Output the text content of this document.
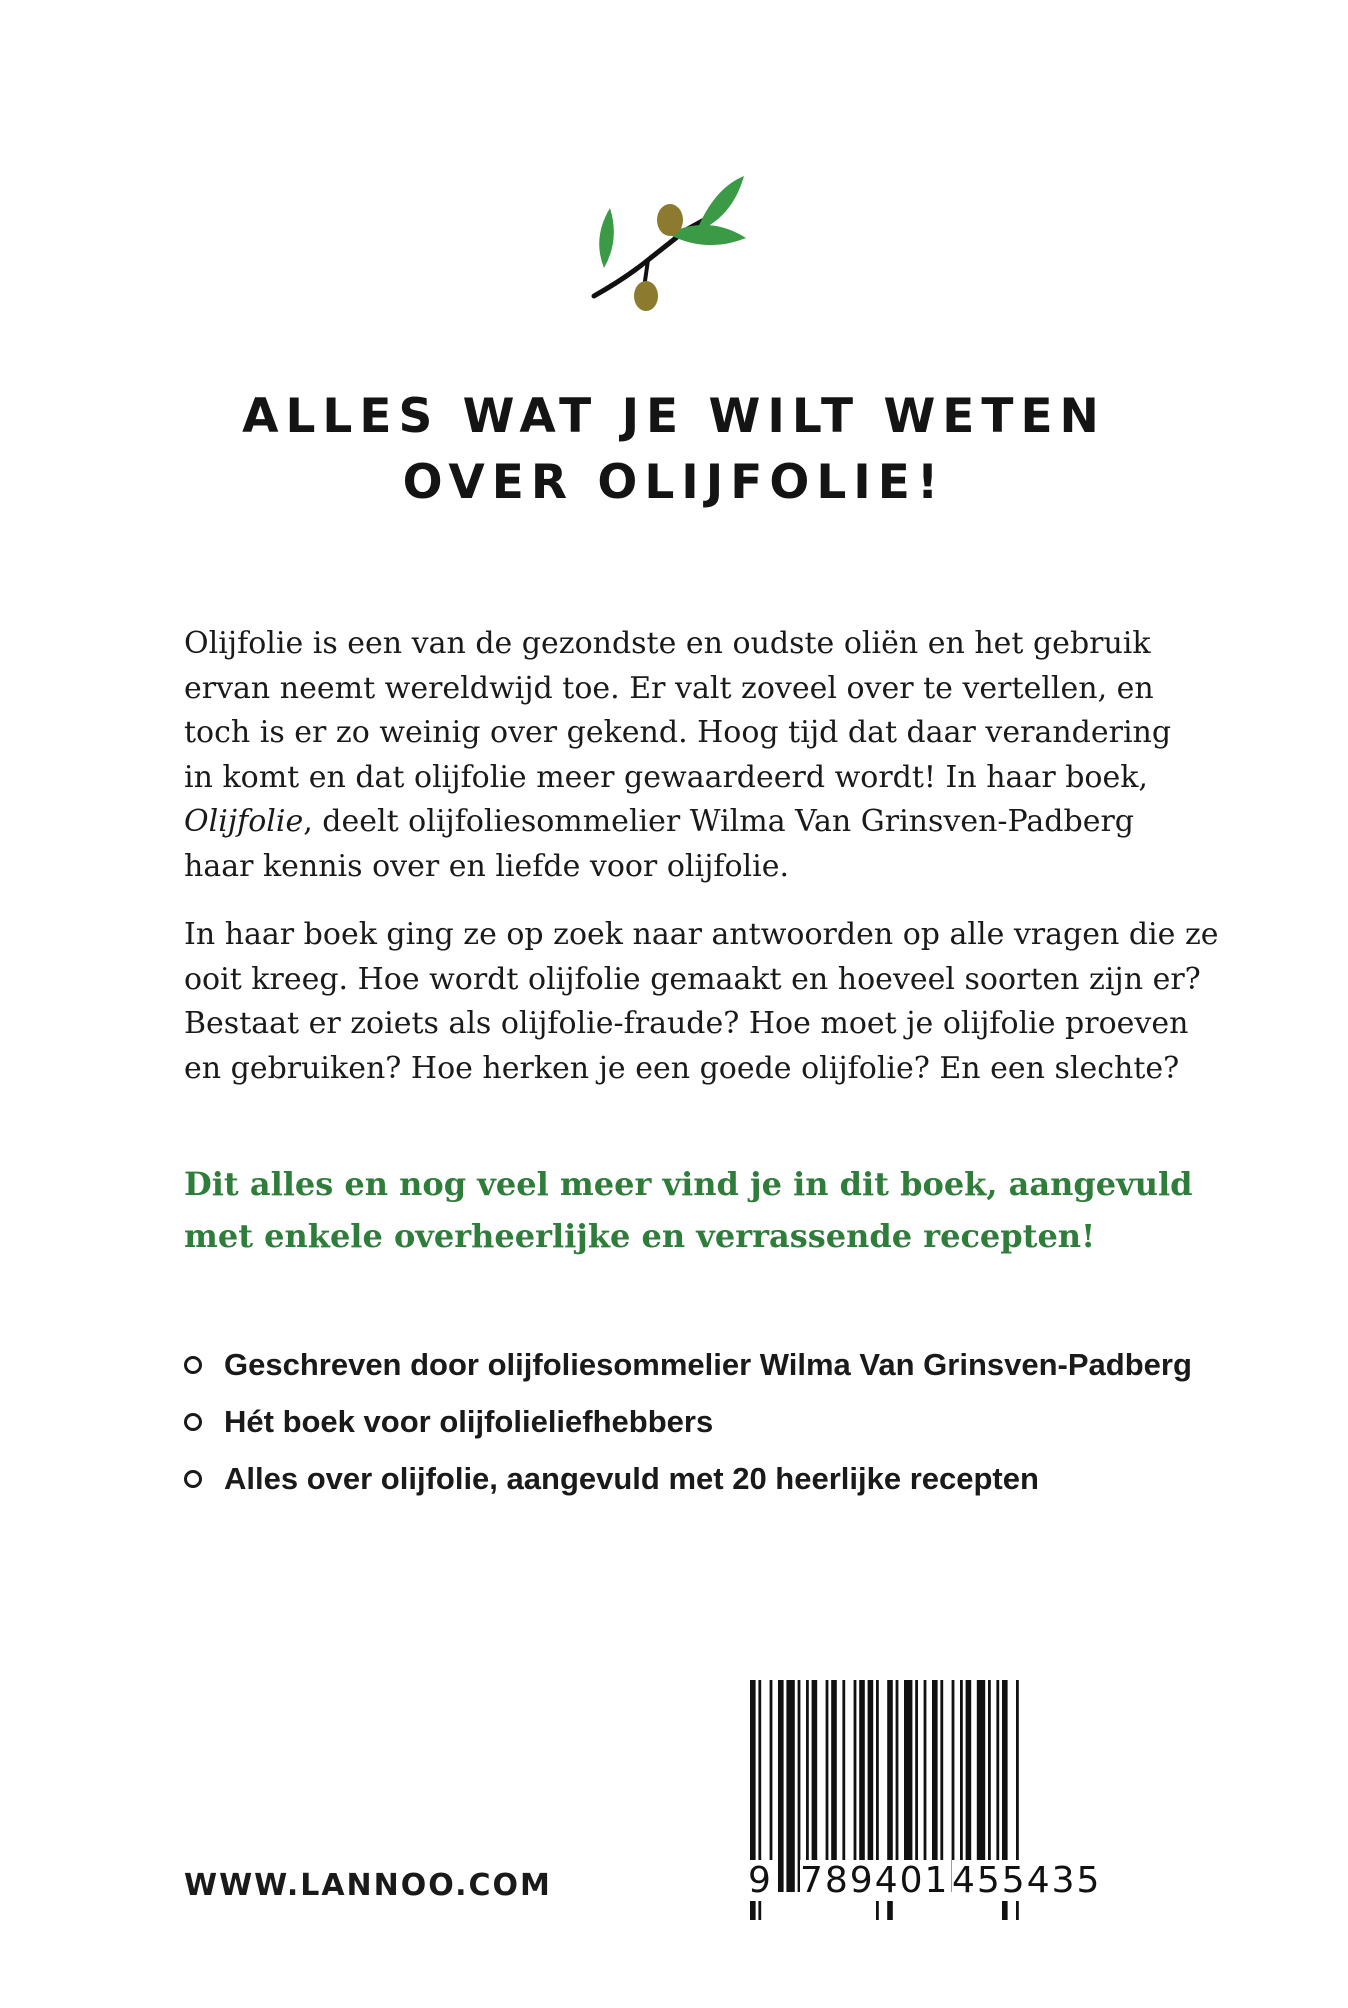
ALLES WAT JE WILT WETEN
OVER OLIJFOLIE!

Olijfolie is een van de gezondste en oudste oliën en het gebruik
ervan neemt wereldwijd toe. Er valt zoveel over te vertellen, en
toch is er zo weinig over gekend. Hoog tijd dat daar verandering
in komt en dat olijfolie meer gewaardeerd wordt! In haar boek,
Olijfolie, deelt olijfoliesommelier Wilma Van Grinsven-Padberg
haar kennis over en liefde voor olijfolie.

In haar boek ging ze op zoek naar antwoorden op alle vragen die ze
ooit kreeg. Hoe wordt olijfolie gemaakt en hoeveel soorten zijn er?
Bestaat er zoiets als olijfolie-fraude? Hoe moet je olijfolie proeven
en gebruiken? Hoe herken je een goede olijfolie? En een slechte?

Dit alles en nog veel meer vind je in dit boek, aangevuld
met enkele overheerlijke en verrassende recepten!
Geschreven door olijfoliesommelier Wilma Van Grinsven-Padberg
Hét boek voor olijfolieliefhebbers
Alles over olijfolie, aangevuld met 20 heerlijke recepten
WWW.LANNOO.COM	9 789401 455435
